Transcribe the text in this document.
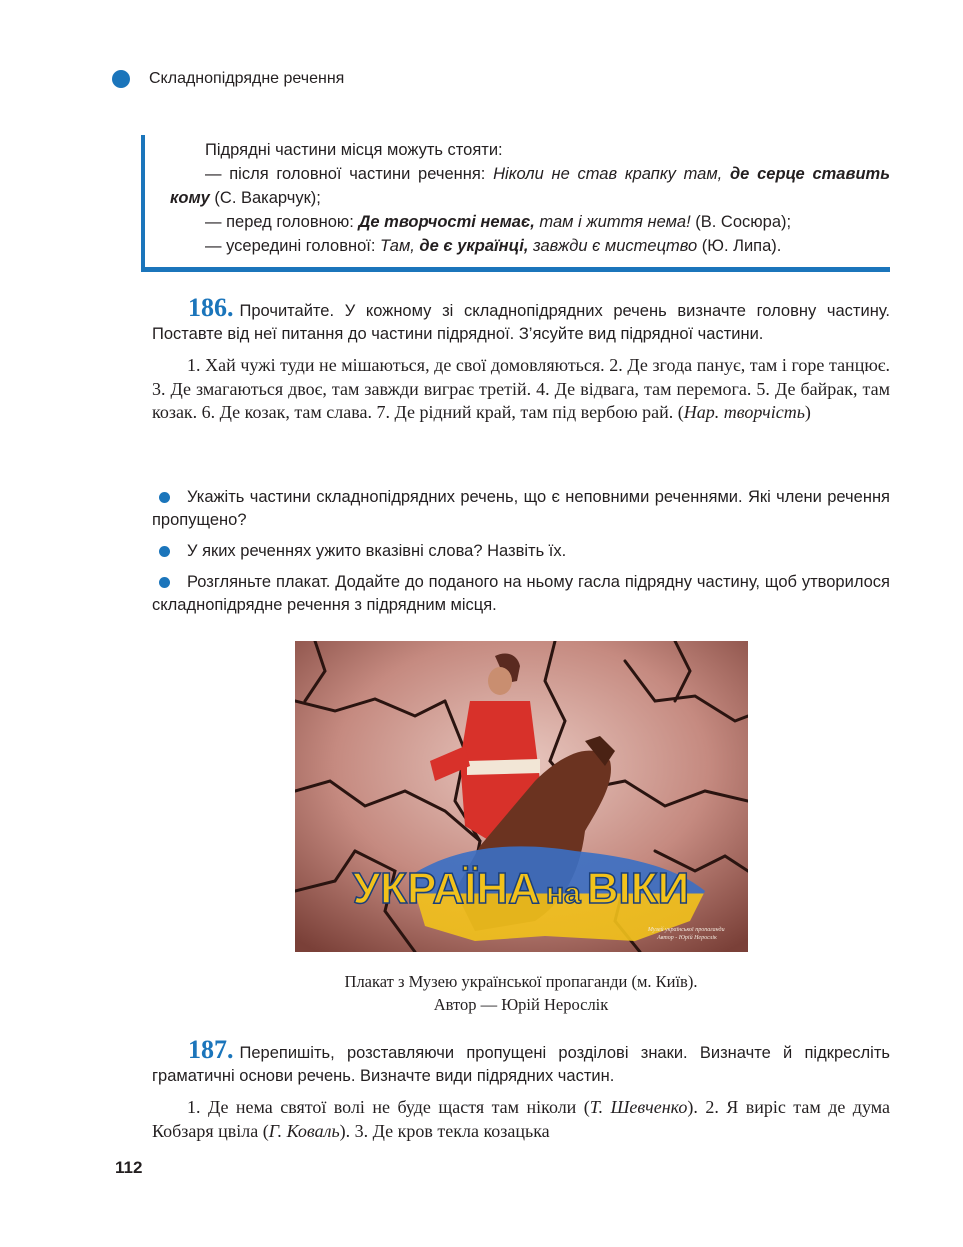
Складнопідрядне речення

Підрядні частини місця можуть стояти:

— після головної частини речення: Ніколи не став крапку там, де серце ставить кому (С. Вакарчук);

— перед головною: Де творчості немає, там і життя нема! (В. Сосюра);

— усередині головної: Там, де є українці, завжди є мистецтво (Ю. Липа).

186. Прочитайте. У кожному зі складнопідрядних речень визначте головну частину. Поставте від неї питання до частини підрядної. З’ясуйте вид підрядної частини.
1. Хай чужі туди не мішаються, де свої домовляються. 2. Де згода панує, там і горе танцює. 3. Де змагаються двоє, там завжди виграє третій. 4. Де відвага, там перемога. 5. Де байрак, там козак. 6. Де козак, там слава. 7. Де рідний край, там під вербою рай. (Нар. творчість)
Укажіть частини складнопідрядних речень, що є неповними реченнями. Які члени речення пропущено?
У яких реченнях ужито вказівні слова? Назвіть їх.
Розгляньте плакат. Додайте до поданого на ньому гасла підрядну частину, щоб утворилося складнопідрядне речення з підрядним місця.
УКРАЇНА на ВІКИ
Музей української пропаганди Автор - Юрій Нерослік
Плакат з Музею української пропаганди (м. Київ).
Автор — Юрій Нерослік
187. Перепишіть, розставляючи пропущені розділові знаки. Визначте й підкресліть граматичні основи речень. Визначте види підрядних частин.
1. Де нема святої волі не буде щастя там ніколи (Т. Шевченко). 2. Я виріс там де дума Кобзаря цвіла (Г. Коваль). 3. Де кров текла козацька
112
